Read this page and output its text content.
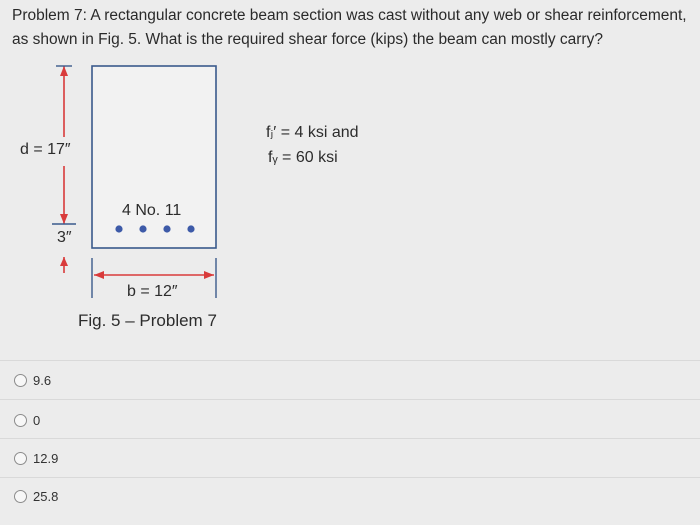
Problem 7: A rectangular concrete beam section was cast without any web or shear reinforcement, as shown in Fig. 5. What is the required shear force (kips) the beam can mostly carry?
d = 17″
3″
4 No. 11
b = 12″
Fig. 5 – Problem 7
fⱼ′ = 4 ksi and
fᵧ = 60 ksi
9.6
0
12.9
25.8
